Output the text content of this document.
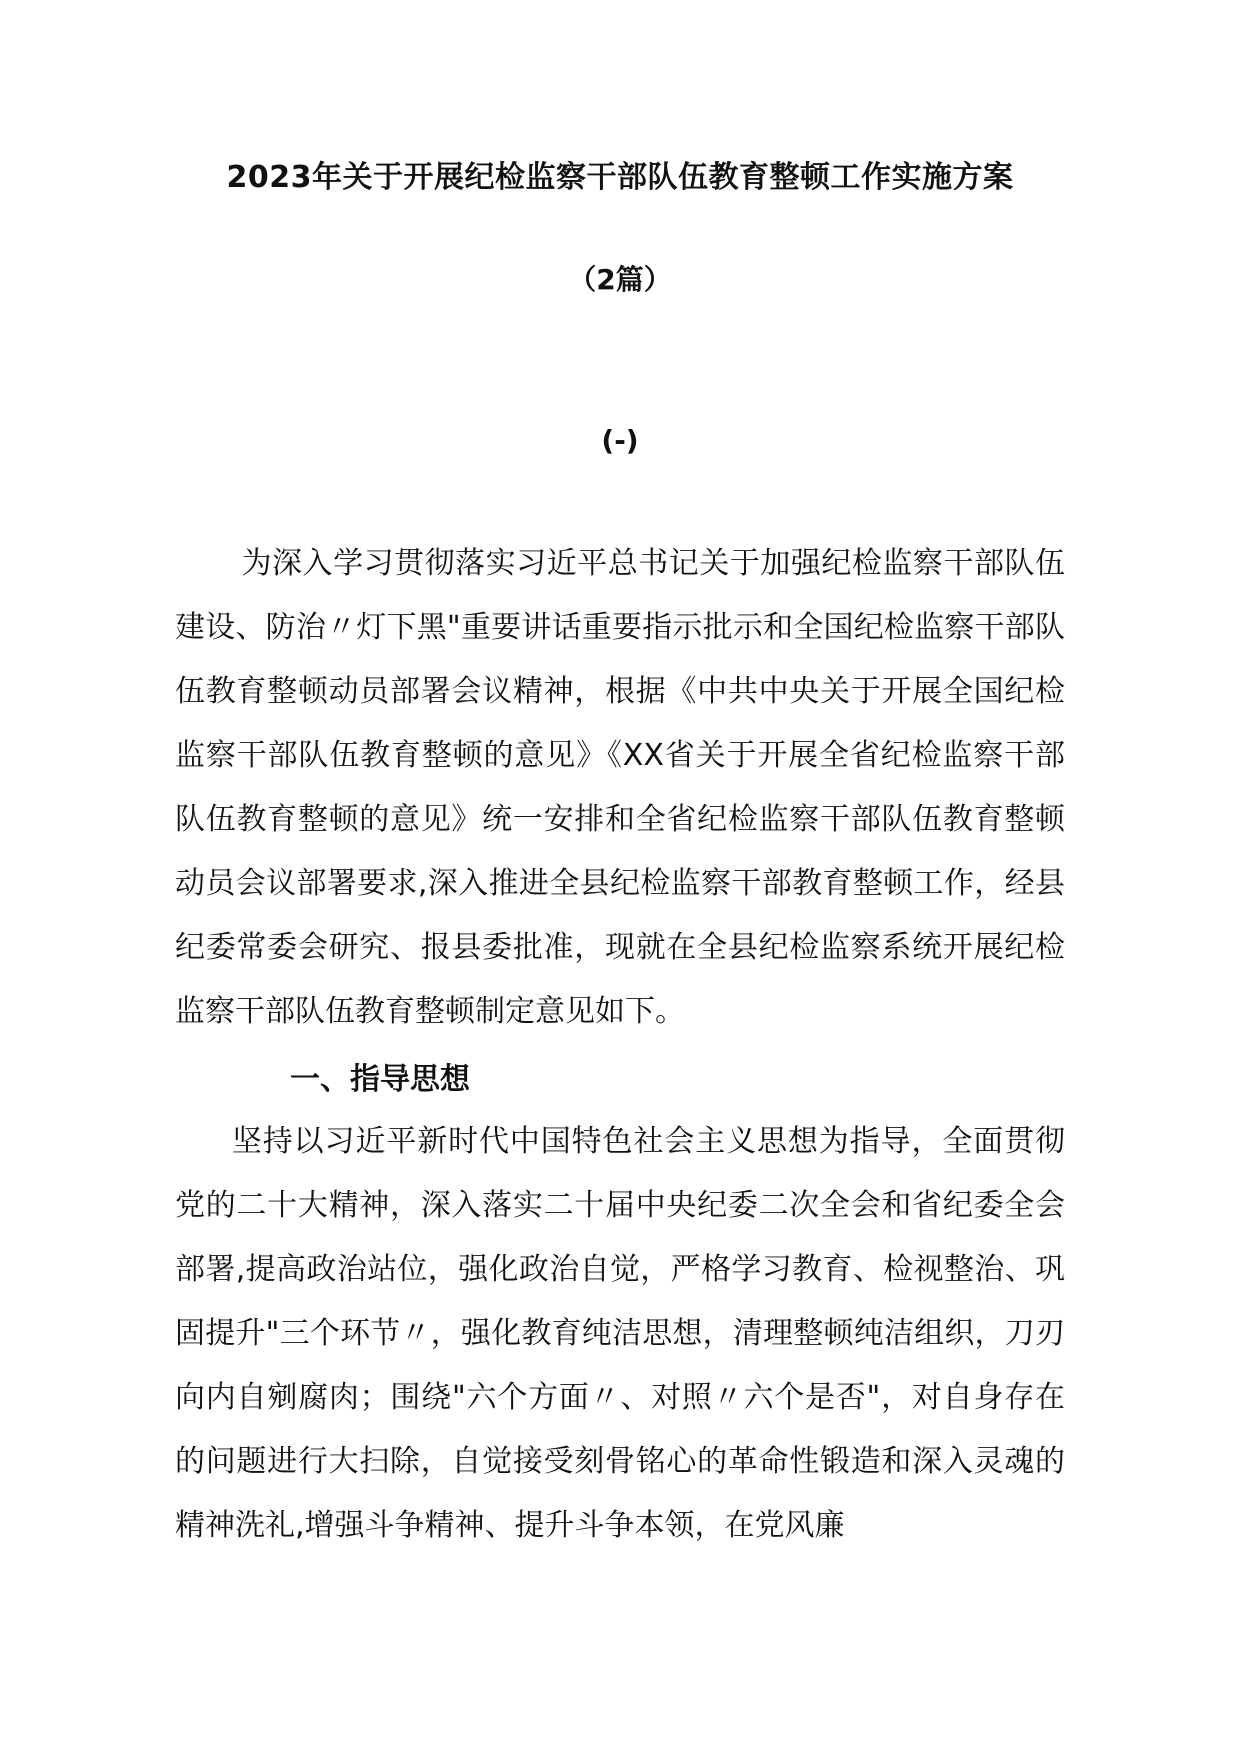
2023年关于开展纪检监察干部队伍教育整顿工作实施方案
（2篇）
(-)

为深入学习贯彻落实习近平总书记关于加强纪检监察干部队伍建设、防治〃灯下黑"重要讲话重要指示批示和全国纪检监察干部队伍教育整顿动员部署会议精神，根据《中共中央关于开展全国纪检监察干部队伍教育整顿的意见》《XX省关于开展全省纪检监察干部队伍教育整顿的意见》统一安排和全省纪检监察干部队伍教育整顿动员会议部署要求,深入推进全县纪检监察干部教育整顿工作，经县纪委常委会研究、报县委批准，现就在全县纪检监察系统开展纪检监察干部队伍教育整顿制定意见如下。

一、指导思想

坚持以习近平新时代中国特色社会主义思想为指导，全面贯彻党的二十大精神，深入落实二十届中央纪委二次全会和省纪委全会部署,提高政治站位，强化政治自觉，严格学习教育、检视整治、巩固提升"三个环节〃，强化教育纯洁思想，清理整顿纯洁组织，刀刃向内自剜腐肉；围绕"六个方面〃、对照〃六个是否"，对自身存在的问题进行大扫除，自觉接受刻骨铭心的革命性锻造和深入灵魂的精神洗礼,增强斗争精神、提升斗争本领，在党风廉
